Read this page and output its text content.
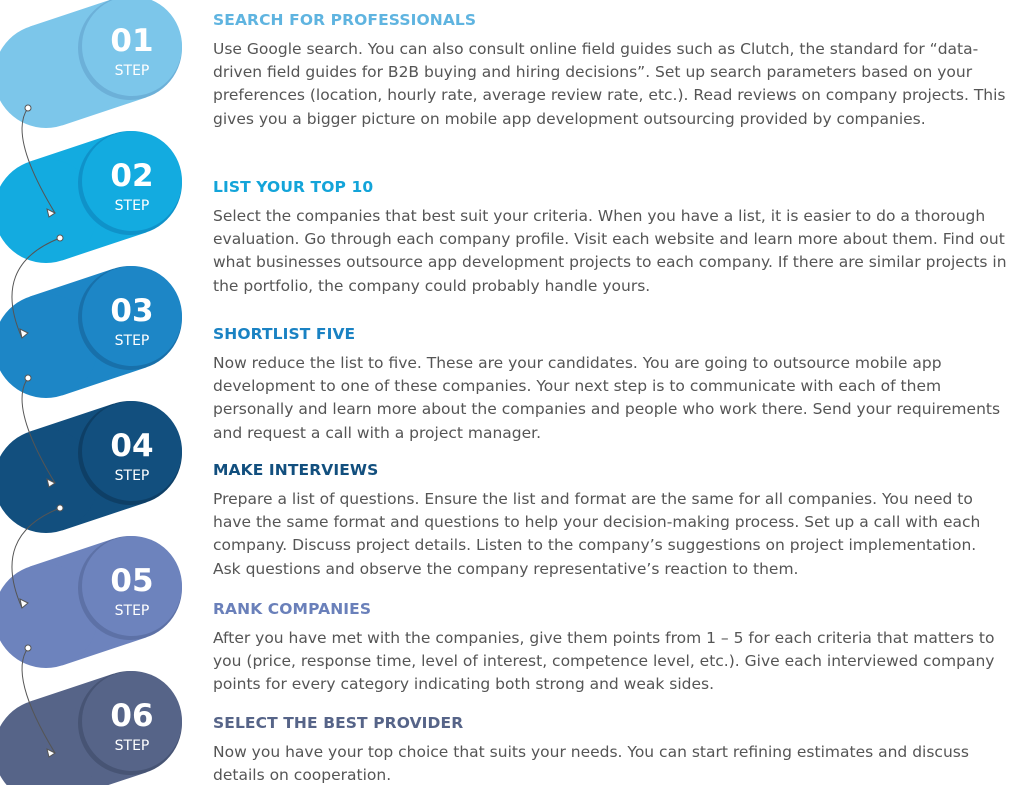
01
STEP
02
STEP
03
STEP
04
STEP
05
STEP
06
STEP
SEARCH FOR PROFESSIONALS

Use Google search. You can also consult online field guides such as Clutch, the standard for “data-driven field guides for B2B buying and hiring decisions”. Set up search parameters based on your preferences (location, hourly rate, average review rate, etc.). Read reviews on company projects. This gives you a bigger picture on mobile app development outsourcing provided by companies.

LIST YOUR TOP 10

Select the companies that best suit your criteria. When you have a list, it is easier to do a thorough evaluation. Go through each company profile. Visit each website and learn more about them. Find out what businesses outsource app development projects to each company. If there are similar projects in the portfolio, the company could probably handle yours.

SHORTLIST FIVE

Now reduce the list to five. These are your candidates. You are going to outsource mobile app development to one of these companies. Your next step is to communicate with each of them personally and learn more about the companies and people who work there. Send your requirements and request a call with a project manager.

MAKE INTERVIEWS

Prepare a list of questions. Ensure the list and format are the same for all companies. You need to have the same format and questions to help your decision-making process. Set up a call with each company. Discuss project details. Listen to the company’s suggestions on project implementation. Ask questions and observe the company representative’s reaction to them.

RANK COMPANIES

After you have met with the companies, give them points from 1 – 5 for each criteria that matters to you (price, response time, level of interest, competence level, etc.). Give each interviewed company points for every category indicating both strong and weak sides.

SELECT THE BEST PROVIDER

Now you have your top choice that suits your needs. You can start refining estimates and discuss details on cooperation.
